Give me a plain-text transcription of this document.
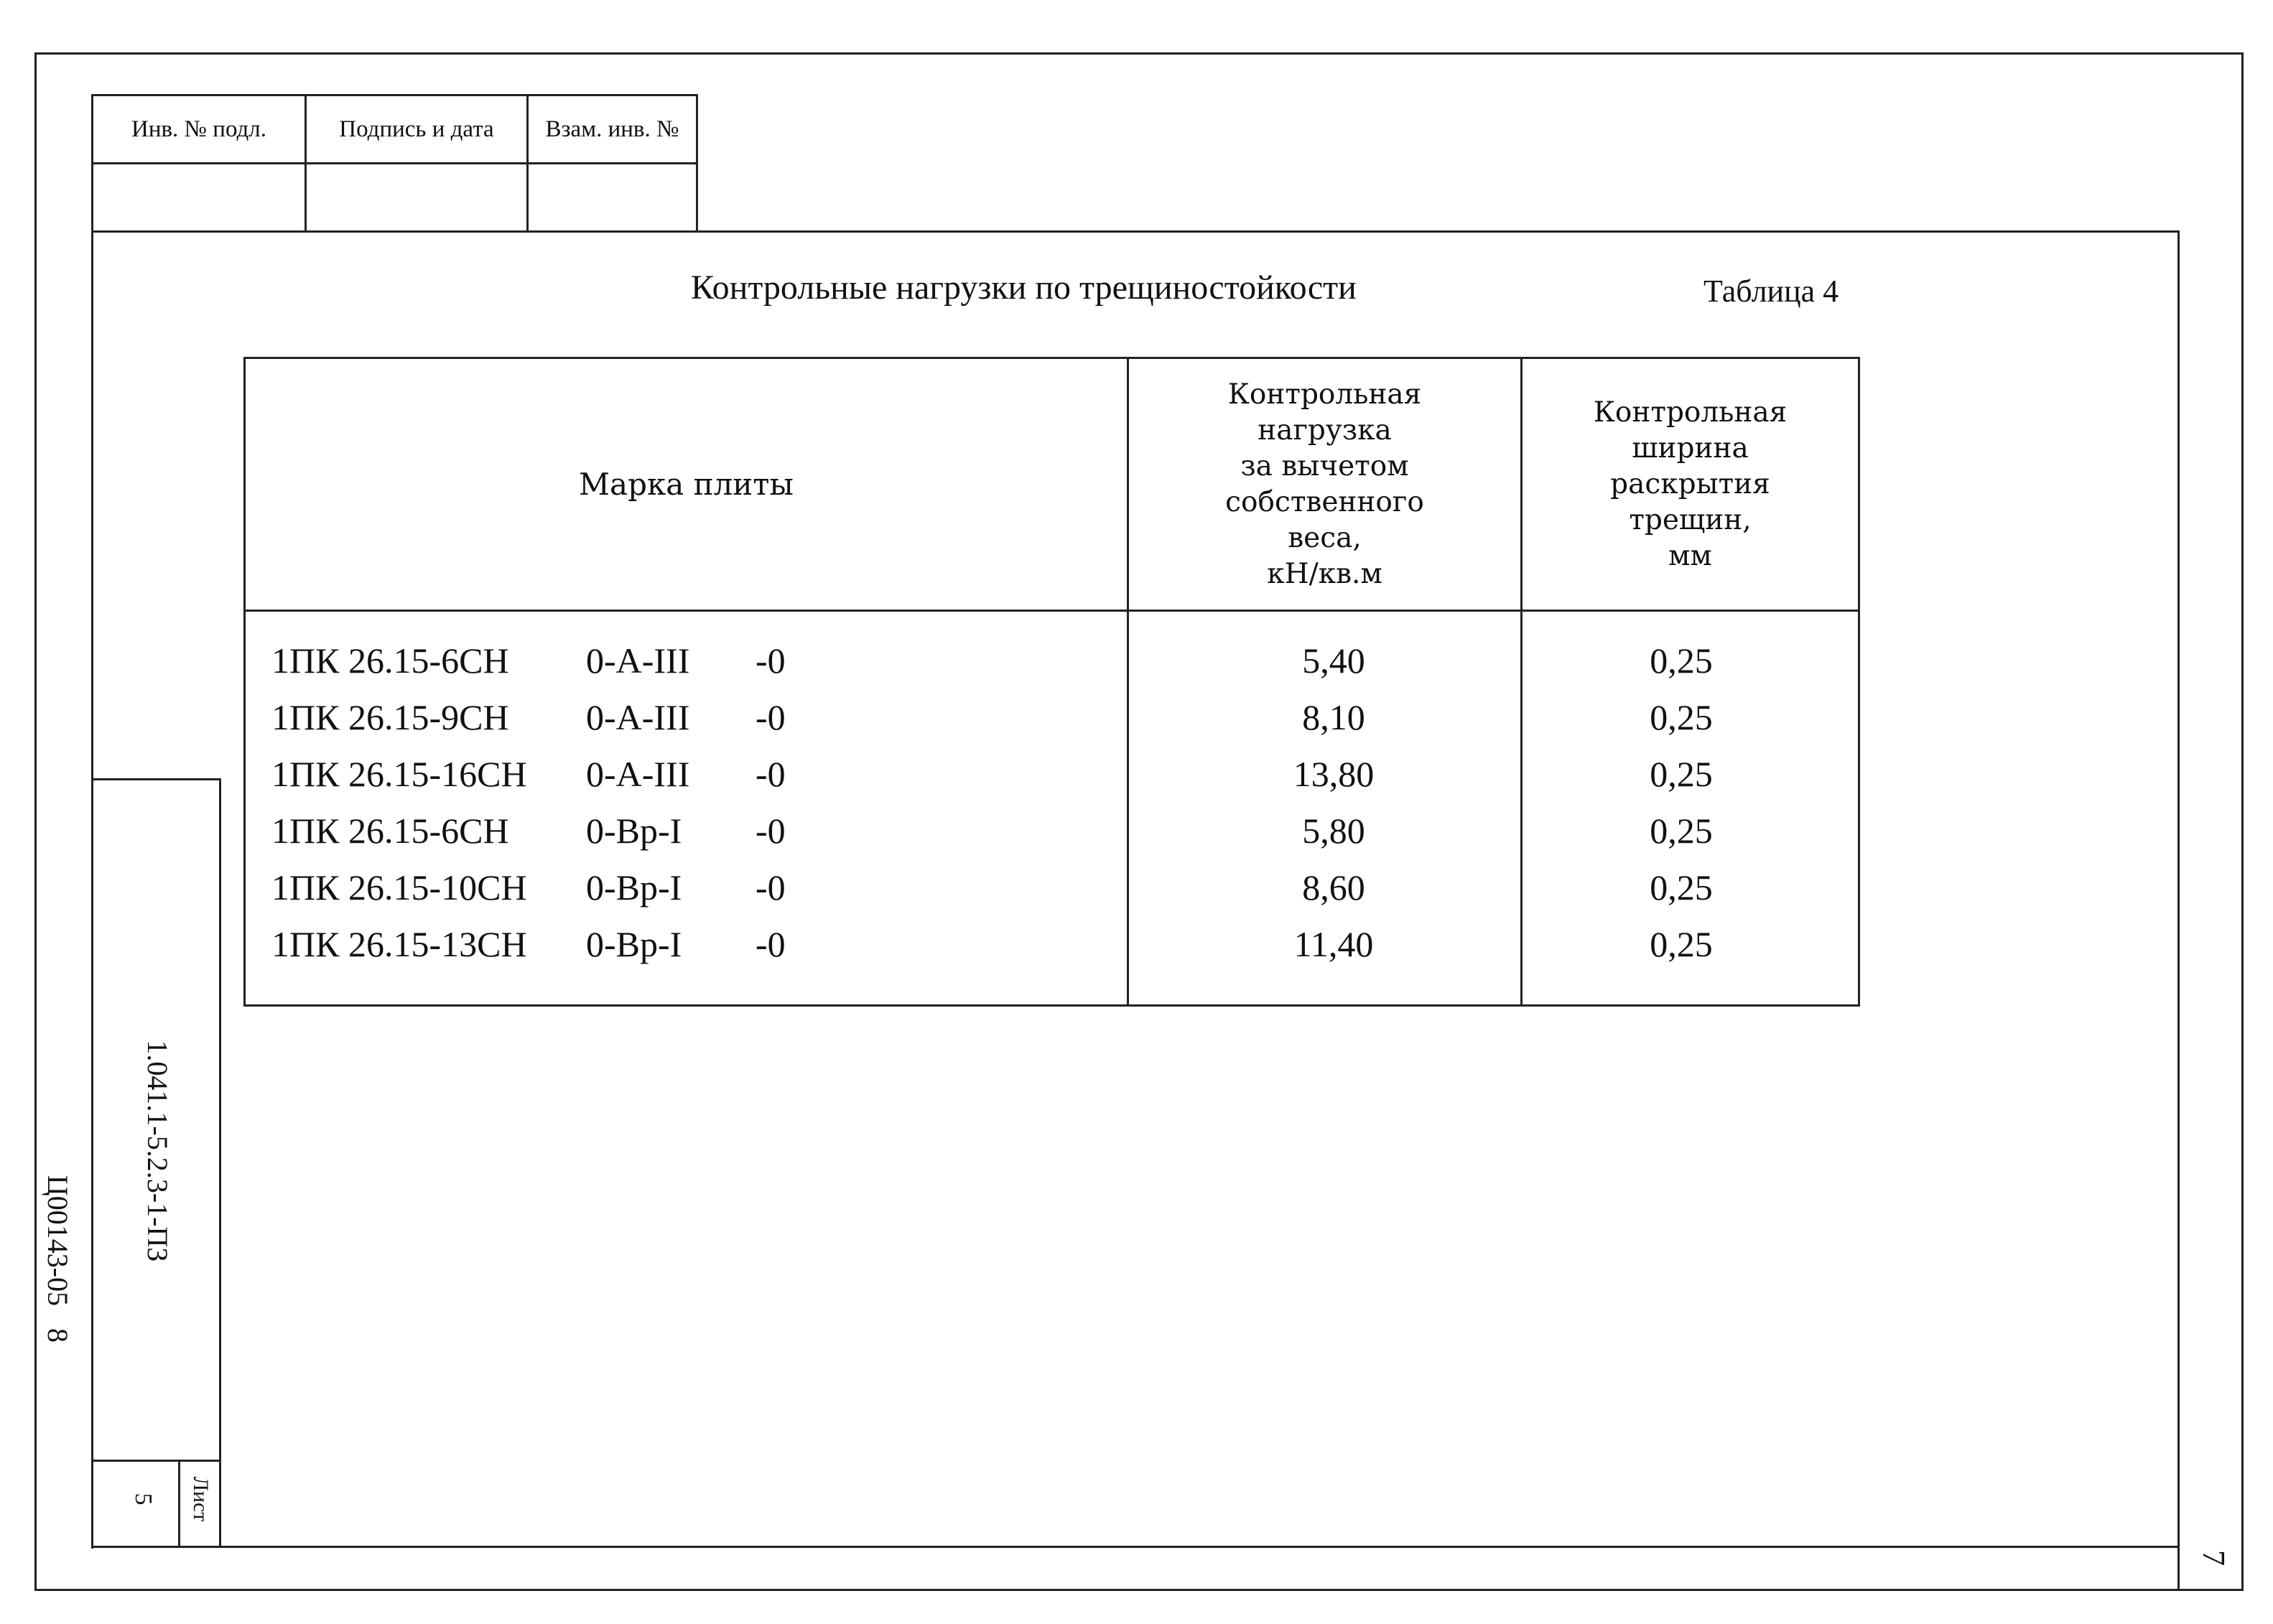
Инв. № подл.	Подпись и дата	Взам. инв. №
Контрольные нагрузки по трещиностойкости	Таблица 4
Марка плиты
Контрольная
нагрузка
за вычетом
собственного
веса,
кН/кв.м
Контрольная
ширина
раскрытия
трещин,
мм
1ПК 26.15-6СН 0-А-III -0	5,40	0,25
1ПК 26.15-9СН 0-А-III -0	8,10	0,25
1ПК 26.15-16СН 0-А-III -0	13,80	0,25
1ПК 26.15-6СН 0-Вр-I -0	5,80	0,25
1ПК 26.15-10СН 0-Вр-I -0	8,60	0,25
1ПК 26.15-13СН 0-Вр-I -0	11,40	0,25
1.041.1-5.2.3-1-ПЗ
Лист
5
Ц00143-05
8
7
